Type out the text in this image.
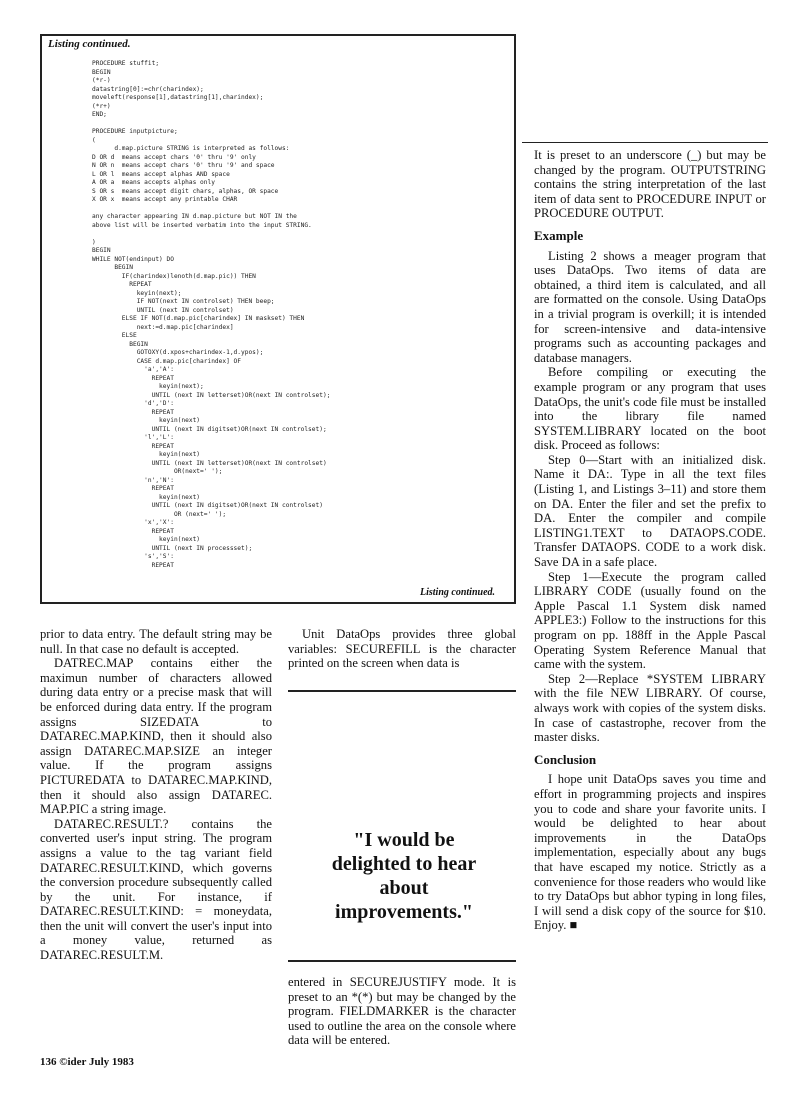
Listing continued.
PROCEDURE stuffit;
BEGIN
(*r-)
datastring[0]:=chr(charindex);
moveleft(response[1],datastring[1],charindex);
(*r+)
END;

PROCEDURE inputpicture;
(
d.map.picture STRING is interpreted as follows:
D OR d  means accept chars '0' thru '9' only
N OR n  means accept chars '0' thru '9' and space
L OR l  means accept alphas AND space
A OR a  means accepts alphas only
S OR s  means accept digit chars, alphas, OR space
X OR x  means accept any printable CHAR

any character appearing IN d.map.picture but NOT IN the
above list will be inserted verbatim into the input STRING.

)
BEGIN
WHILE NOT(endinput) DO
BEGIN
IF(charindex)lenoth(d.map.pic)) THEN
REPEAT
keyin(next);
IF NOT(next IN controlset) THEN beep;
UNTIL (next IN controlset)
ELSE IF NOT(d.map.pic[charindex] IN maskset) THEN
next:=d.map.pic[charindex]
ELSE
BEGIN
GOTOXY(d.xpos+charindex-1,d.ypos);
CASE d.map.pic[charindex] OF
'a','A':
REPEAT
keyin(next);
UNTIL (next IN letterset)OR(next IN controlset);
'd','D':
REPEAT
keyin(next)
UNTIL (next IN digitset)OR(next IN controlset);
'l','L':
REPEAT
keyin(next)
UNTIL (next IN letterset)OR(next IN controlset)
OR(next=' ');
'n','N':
REPEAT
keyin(next)
UNTIL (next IN digitset)OR(next IN controlset)
OR (next=' ');
'x','X':
REPEAT
keyin(next)
UNTIL (next IN processset);
's','S':
REPEAT
Listing continued.

prior to data entry. The default string may be null. In that case no default is accepted.

DATREC.MAP contains either the maximun number of characters allowed during data entry or a precise mask that will be enforced during data entry. If the program assigns SIZEDATA to DATAREC.MAP.KIND, then it should also assign DATAREC.MAP.SIZE an integer value. If the program assigns PICTUREDATA to DATAREC.MAP.KIND, then it should also assign DATAREC. MAP.PIC a string image.

DATAREC.RESULT.? contains the converted user's input string. The program assigns a value to the tag variant field DATAREC.RESULT.KIND, which governs the conversion procedure subsequently called by the unit. For instance, if DATAREC.RESULT.KIND: = moneydata, then the unit will convert the user's input into a money value, returned as DATAREC.RESULT.M.

Unit DataOps provides three global variables: SECUREFILL is the character printed on the screen when data is

"I would be delighted to hear about improvements."

entered in SECUREJUSTIFY mode. It is preset to an *(*) but may be changed by the program. FIELDMARKER is the character used to outline the area on the console where data will be entered.

It is preset to an underscore (_) but may be changed by the program. OUTPUTSTRING contains the string interpretation of the last item of data sent to PROCEDURE INPUT or PROCEDURE OUTPUT.

Example

Listing 2 shows a meager program that uses DataOps. Two items of data are obtained, a third item is calculated, and all are formatted on the console. Using DataOps in a trivial program is overkill; it is intended for screen-intensive and data-intensive programs such as accounting packages and database managers.

Before compiling or executing the example program or any program that uses DataOps, the unit's code file must be installed into the library file named SYSTEM.LIBRARY located on the boot disk. Proceed as follows:

Step 0—Start with an initialized disk. Name it DA:. Type in all the text files (Listing 1, and Listings 3–11) and store them on DA. Enter the filer and set the prefix to DA. Enter the compiler and compile LISTING1.TEXT to DATAOPS.CODE. Transfer DATAOPS. CODE to a work disk. Save DA in a safe place.

Step 1—Execute the program called LIBRARY CODE (usually found on the Apple Pascal 1.1 System disk named APPLE3:) Follow to the instructions for this program on pp. 188ff in the Apple Pascal Operating System Reference Manual that came with the system.

Step 2—Replace *SYSTEM LIBRARY with the file NEW LIBRARY. Of course, always work with copies of the system disks. In case of castastrophe, recover from the master disks.

Conclusion

I hope unit DataOps saves you time and effort in programming projects and inspires you to code and share your favorite units. I would be delighted to hear about improvements in the DataOps implementation, especially about any bugs that have escaped my notice. Strictly as a convenience for those readers who would like to try DataOps but abhor typing in long files, I will send a disk copy of the source for $10. Enjoy. ■

136 ©ider July 1983
